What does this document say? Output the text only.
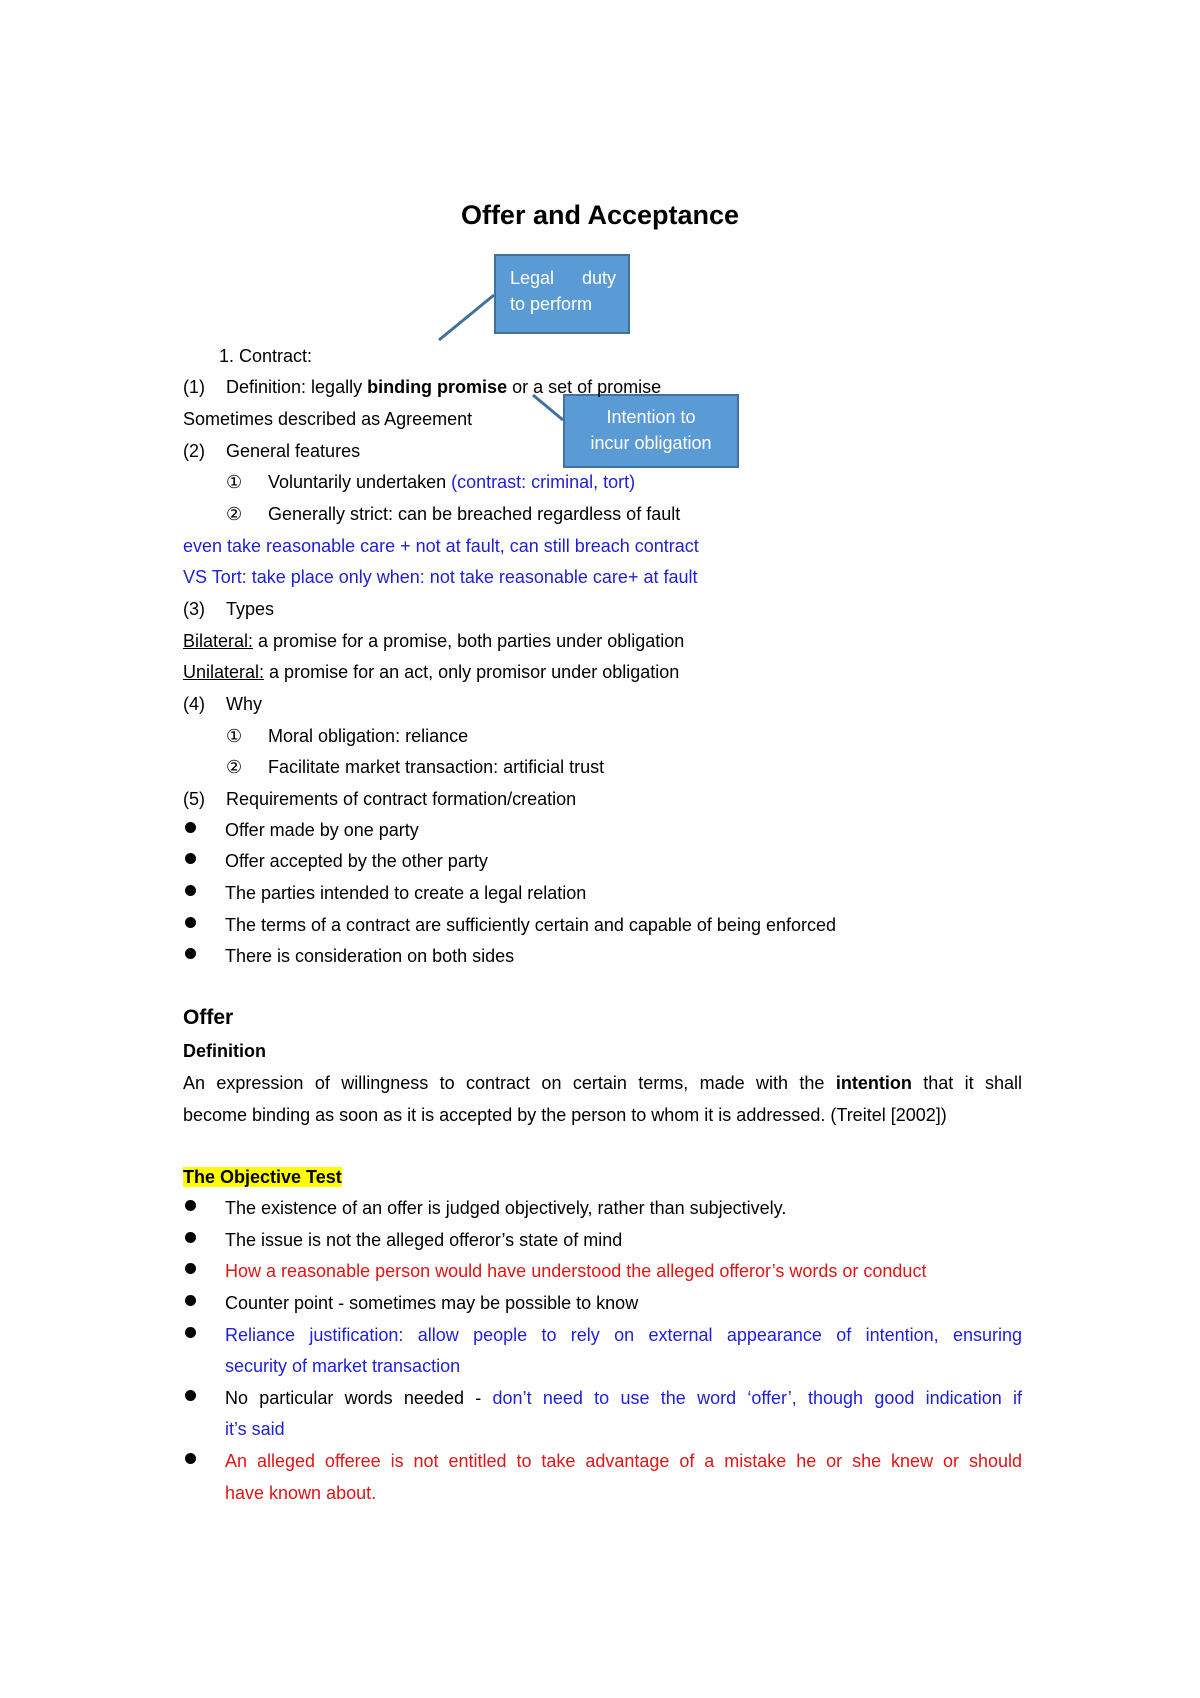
Offer and Acceptance
Legal duty
to perform
Intention to
incur obligation
1. Contract:
(1) Definition: legally binding promise or a set of promise
Sometimes described as Agreement
(2) General features
① Voluntarily undertaken (contrast: criminal, tort)
② Generally strict: can be breached regardless of fault
even take reasonable care + not at fault, can still breach contract
VS Tort: take place only when: not take reasonable care+ at fault
(3) Types
Bilateral: a promise for a promise, both parties under obligation
Unilateral: a promise for an act, only promisor under obligation
(4) Why
① Moral obligation: reliance
② Facilitate market transaction: artificial trust
(5) Requirements of contract formation/creation
Offer made by one party
Offer accepted by the other party
The parties intended to create a legal relation
The terms of a contract are sufficiently certain and capable of being enforced
There is consideration on both sides
Offer
Definition
An expression of willingness to contract on certain terms, made with the intention that it shall
become binding as soon as it is accepted by the person to whom it is addressed. (Treitel [2002])
The Objective Test
The existence of an offer is judged objectively, rather than subjectively.
The issue is not the alleged offeror’s state of mind
How a reasonable person would have understood the alleged offeror’s words or conduct
Counter point - sometimes may be possible to know
Reliance justification: allow people to rely on external appearance of intention, ensuring
security of market transaction
No particular words needed - don’t need to use the word ‘offer’, though good indication if
it’s said
An alleged offeree is not entitled to take advantage of a mistake he or she knew or should
have known about.
